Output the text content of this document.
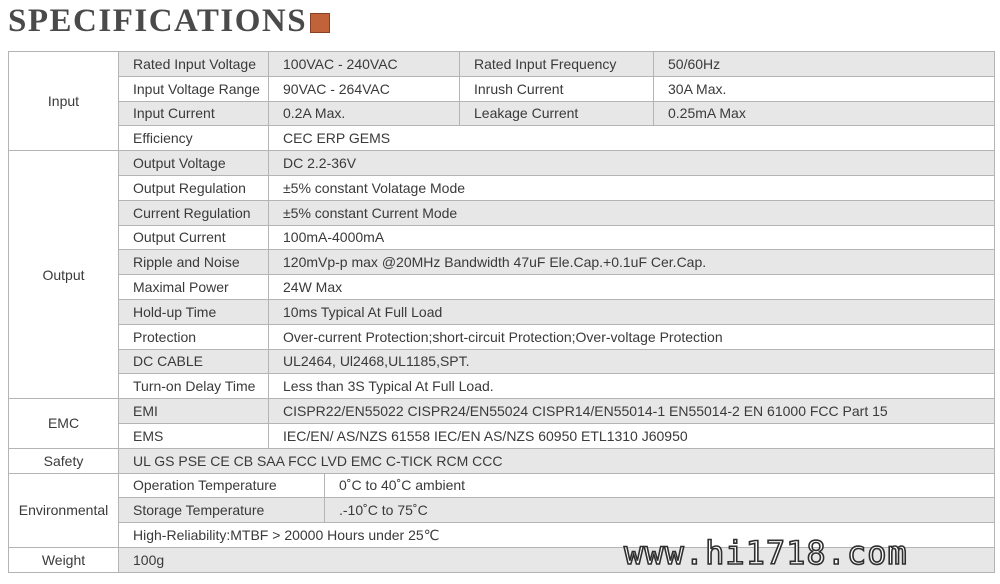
SPECIFICATIONS
Input	Rated Input Voltage	100VAC - 240VAC		Rated Input Frequency	50/60Hz
	Input Voltage Range	90VAC - 264VAC		Inrush Current	30A Max.
	Input Current	0.2A Max.		Leakage Current	0.25mA Max
	Efficiency	CEC ERP GEMS			
Output	Output Voltage	DC 2.2-36V			
	Output Regulation	±5% constant Volatage Mode			
	Current Regulation	±5% constant Current Mode			
	Output Current	100mA-4000mA			
	Ripple and Noise	120mVp-p max @20MHz Bandwidth 47uF Ele.Cap.+0.1uF Cer.Cap.			
	Maximal Power	24W Max			
	Hold-up Time	10ms Typical At Full Load			
	Protection	Over-current Protection;short-circuit Protection;Over-voltage Protection			
	DC CABLE	UL2464, Ul2468,UL1185,SPT.			
	Turn-on Delay Time	Less than 3S Typical At Full Load.			
EMC	EMI	CISPR22/EN55022 CISPR24/EN55024 CISPR14/EN55014-1 EN55014-2 EN 61000 FCC Part 15			
	EMS	IEC/EN/ AS/NZS 61558 IEC/EN AS/NZS 60950 ETL1310 J60950			
Safety	UL GS PSE CE CB SAA FCC LVD EMC C-TICK RCM CCC				
Environmental	Operation Temperature		0˚C to 40˚C ambient		
	Storage Temperature		.-10˚C to 75˚C		
	High-Reliability:MTBF > 20000 Hours under 25℃				
Weight	100g					www.hi1718.com
